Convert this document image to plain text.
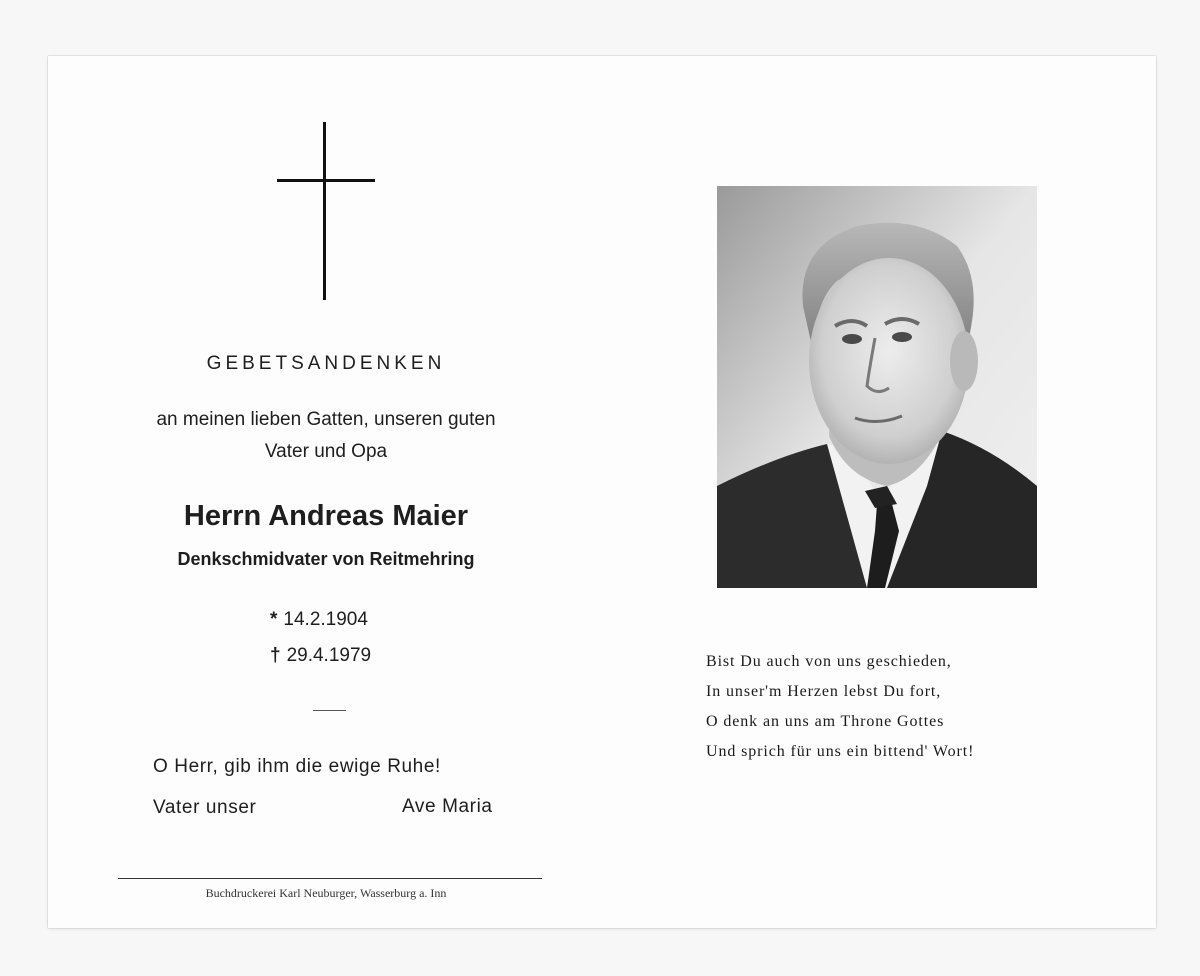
GEBETSANDENKEN
an meinen lieben Gatten, unseren guten
Vater und Opa
Herrn Andreas Maier
Denkschmidvater von Reitmehring
* 14.2.1904
† 29.4.1979
O Herr, gib ihm die ewige Ruhe!
Vater unser	Ave Maria
Buchdruckerei Karl Neuburger, Wasserburg a. Inn
Bist Du auch von uns geschieden,
In unser'm Herzen lebst Du fort,
O denk an uns am Throne Gottes
Und sprich für uns ein bittend' Wort!
